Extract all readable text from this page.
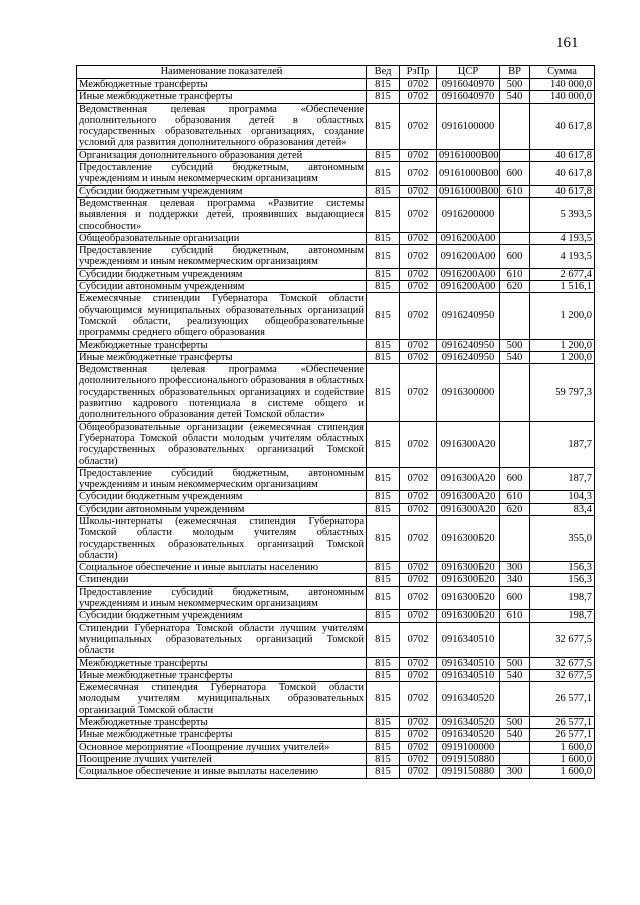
161
Наименование показателей	Вед	РзПр	ЦСР	ВР	Сумма
Межбюджетные трансферты	815	0702	0916040970	500	140 000,0
Иные межбюджетные трансферты	815	0702	0916040970	540	140 000,0
Ведомственная целевая программа «Обеспечение дополнительного образования детей в областных государственных образовательных организациях, создание условий для развития дополнительного образования детей»	815	0702	0916100000		40 617,8
Организация дополнительного образования детей	815	0702	09161000В00		40 617,8
Предоставление субсидий бюджетным, автономным учреждениям и иным некоммерческим организациям	815	0702	09161000В00	600	40 617,8
Субсидии бюджетным учреждениям	815	0702	09161000В00	610	40 617,8
Ведомственная целевая программа «Развитие системы выявления и поддержки детей, проявивших выдающиеся способности»	815	0702	0916200000		5 393,5
Общеобразовательные организации	815	0702	0916200А00		4 193,5
Предоставление субсидий бюджетным, автономным учреждениям и иным некоммерческим организациям	815	0702	0916200А00	600	4 193,5
Субсидии бюджетным учреждениям	815	0702	0916200А00	610	2 677,4
Субсидии автономным учреждениям	815	0702	0916200А00	620	1 516,1
Ежемесячные стипендии Губернатора Томской области обучающимся муниципальных образовательных организаций Томской области, реализующих общеобразовательные программы среднего общего образования	815	0702	0916240950		1 200,0
Межбюджетные трансферты	815	0702	0916240950	500	1 200,0
Иные межбюджетные трансферты	815	0702	0916240950	540	1 200,0
Ведомственная целевая программа «Обеспечение дополнительного профессионального образования в областных государственных образовательных организациях и содействие развитию кадрового потенциала в системе общего и дополнительного образования детей Томской области»	815	0702	0916300000		59 797,3
Общеобразовательные организации (ежемесячная стипендия Губернатора Томской области молодым учителям областных государственных образовательных организаций Томской области)	815	0702	0916300А20		187,7
Предоставление субсидий бюджетным, автономным учреждениям и иным некоммерческим организациям	815	0702	0916300А20	600	187,7
Субсидии бюджетным учреждениям	815	0702	0916300А20	610	104,3
Субсидии автономным учреждениям	815	0702	0916300А20	620	83,4
Школы-интернаты (ежемесячная стипендия Губернатора Томской области молодым учителям областных государственных образовательных организаций Томской области)	815	0702	0916300Б20		355,0
Социальное обеспечение и иные выплаты населению	815	0702	0916300Б20	300	156,3
Стипендии	815	0702	0916300Б20	340	156,3
Предоставление субсидий бюджетным, автономным учреждениям и иным некоммерческим организациям	815	0702	0916300Б20	600	198,7
Субсидии бюджетным учреждениям	815	0702	0916300Б20	610	198,7
Стипендии Губернатора Томской области лучшим учителям муниципальных образовательных организаций Томской области	815	0702	0916340510		32 677,5
Межбюджетные трансферты	815	0702	0916340510	500	32 677,5
Иные межбюджетные трансферты	815	0702	0916340510	540	32 677,5
Ежемесячная стипендия Губернатора Томской области молодым учителям муниципальных образовательных организаций Томской области	815	0702	0916340520		26 577,1
Межбюджетные трансферты	815	0702	0916340520	500	26 577,1
Иные межбюджетные трансферты	815	0702	0916340520	540	26 577,1
Основное мероприятие «Поощрение лучших учителей»	815	0702	0919100000		1 600,0
Поощрение лучших учителей	815	0702	0919150880		1 600,0
Социальное обеспечение и иные выплаты населению	815	0702	0919150880	300	1 600,0
